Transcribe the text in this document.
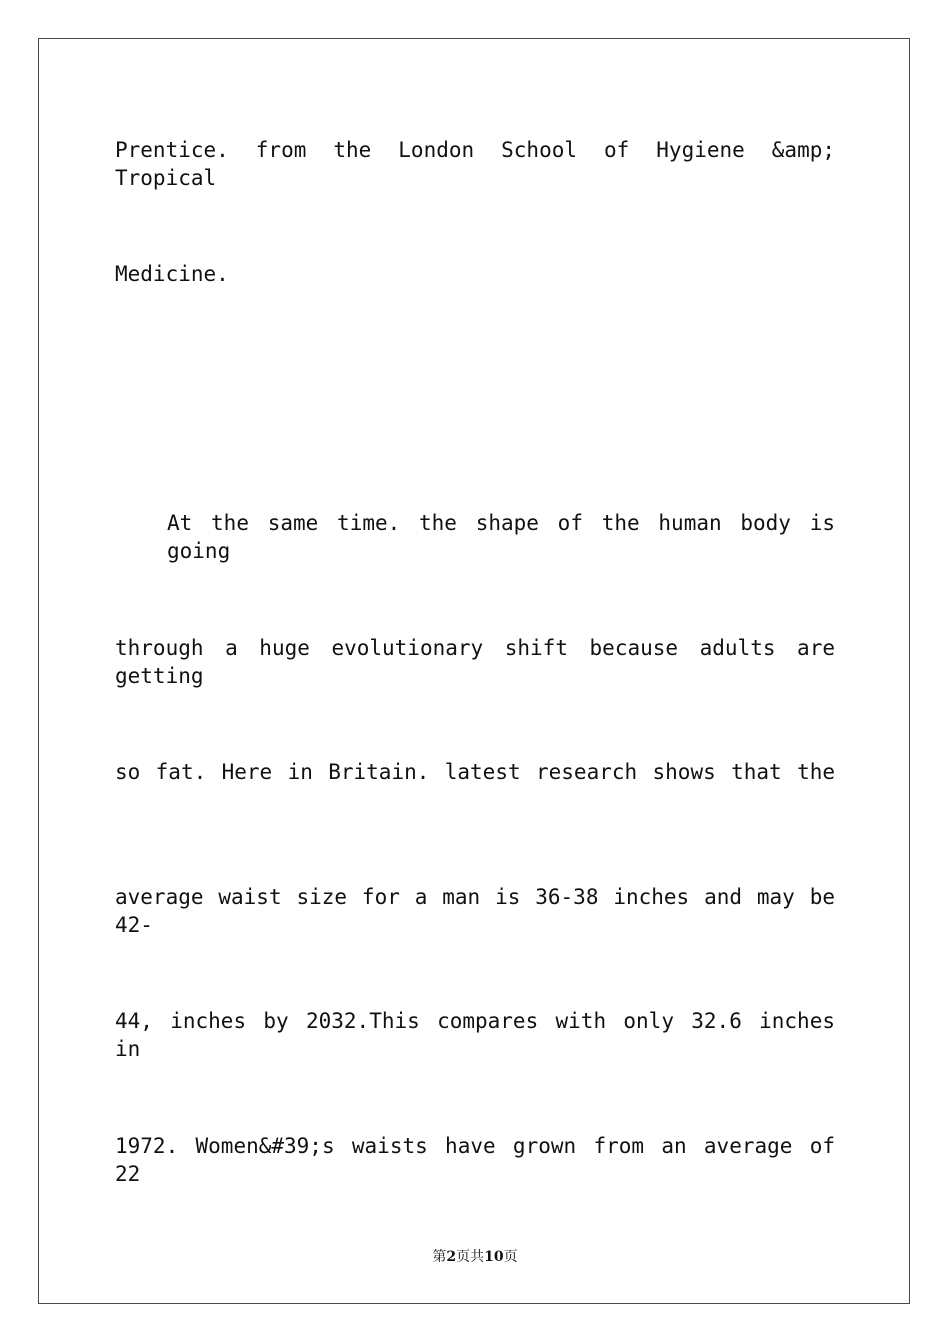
Prentice. from the London School of Hygiene &amp; Tropical
Medicine.
At the same time. the shape of the human body is going
through a huge evolutionary shift because adults are getting
so fat. Here in Britain. latest research shows that the
average waist size for a man is 36-38 inches and may be 42-
44, inches by 2032.This compares with only 32.6 inches in
1972. Women&#39;s waists have grown from an average of 22
第2页共10页
